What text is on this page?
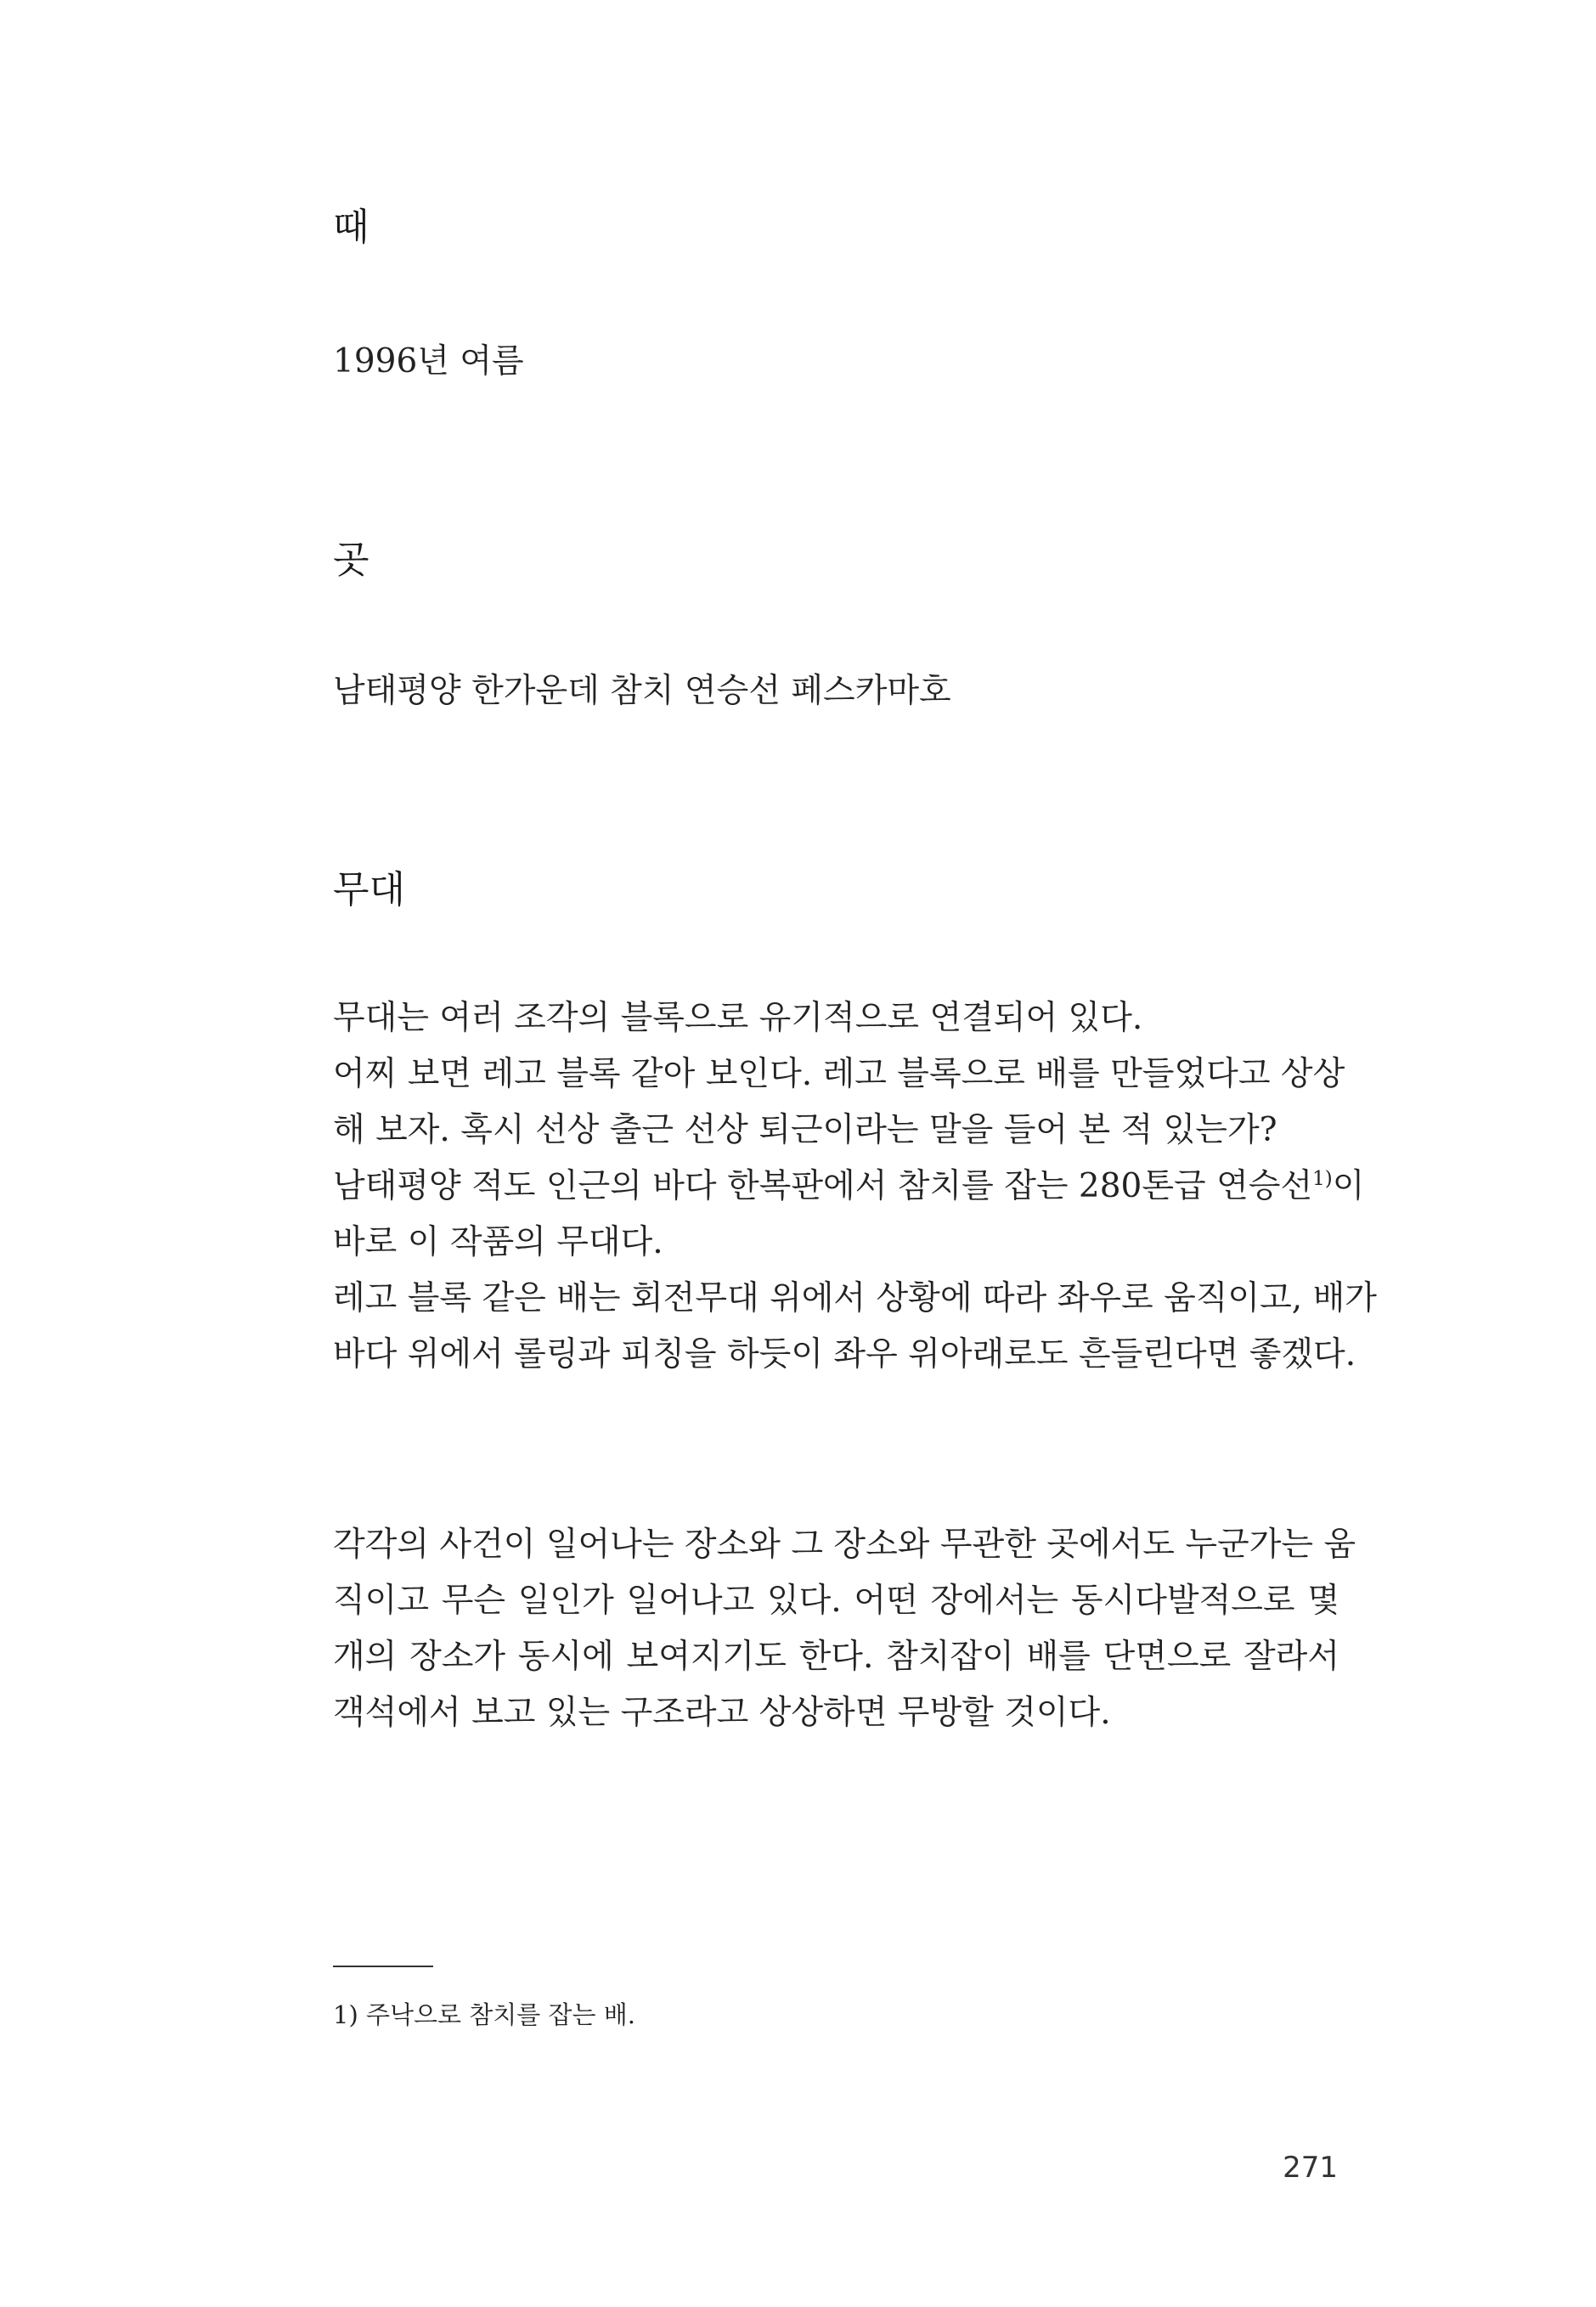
때

1996년 여름

곳

남태평양 한가운데 참치 연승선 페스카마호

무대
무대는 여러 조각의 블록으로 유기적으로 연결되어 있다.
어찌 보면 레고 블록 같아 보인다. 레고 블록으로 배를 만들었다고 상상
해 보자. 혹시 선상 출근 선상 퇴근이라는 말을 들어 본 적 있는가?
남태평양 적도 인근의 바다 한복판에서 참치를 잡는 280톤급 연승선$^{1)}$이
바로 이 작품의 무대다.
레고 블록 같은 배는 회전무대 위에서 상황에 따라 좌우로 움직이고, 배가
바다 위에서 롤링과 피칭을 하듯이 좌우 위아래로도 흔들린다면 좋겠다.
각각의 사건이 일어나는 장소와 그 장소와 무관한 곳에서도 누군가는 움
직이고 무슨 일인가 일어나고 있다. 어떤 장에서는 동시다발적으로 몇
개의 장소가 동시에 보여지기도 한다. 참치잡이 배를 단면으로 잘라서
객석에서 보고 있는 구조라고 상상하면 무방할 것이다.

1) 주낙으로 참치를 잡는 배.

271
